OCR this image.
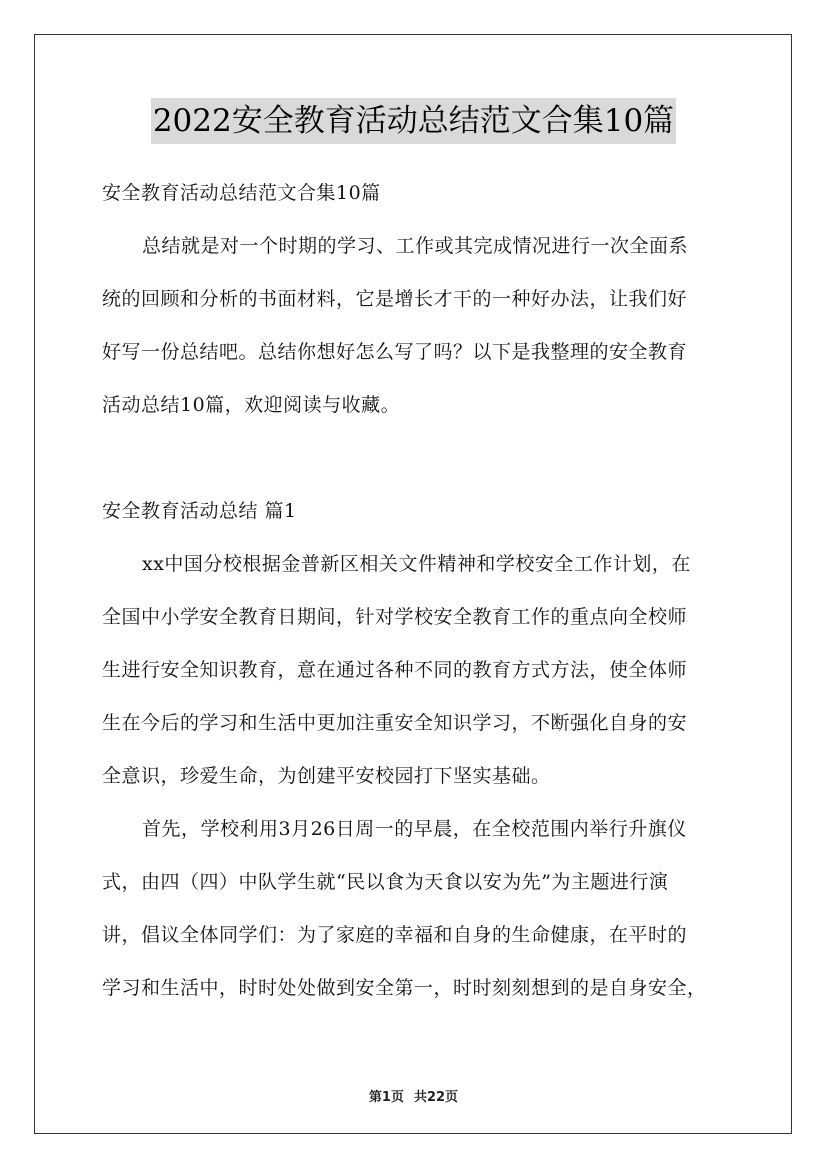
2022安全教育活动总结范文合集10篇
安全教育活动总结范文合集10篇
总结就是对一个时期的学习、工作或其完成情况进行一次全面系
统的回顾和分析的书面材料，它是增长才干的一种好办法，让我们好
好写一份总结吧。总结你想好怎么写了吗？以下是我整理的安全教育
活动总结10篇，欢迎阅读与收藏。
安全教育活动总结 篇1
xx中国分校根据金普新区相关文件精神和学校安全工作计划，在
全国中小学安全教育日期间，针对学校安全教育工作的重点向全校师
生进行安全知识教育，意在通过各种不同的教育方式方法，使全体师
生在今后的学习和生活中更加注重安全知识学习，不断强化自身的安
全意识，珍爱生命，为创建平安校园打下坚实基础。
首先，学校利用3月26日周一的早晨，在全校范围内举行升旗仪
式，由四（四）中队学生就“民以食为天食以安为先”为主题进行演
讲，倡议全体同学们：为了家庭的幸福和自身的生命健康，在平时的
学习和生活中，时时处处做到安全第一，时时刻刻想到的是自身安全，
第1页 共22页
